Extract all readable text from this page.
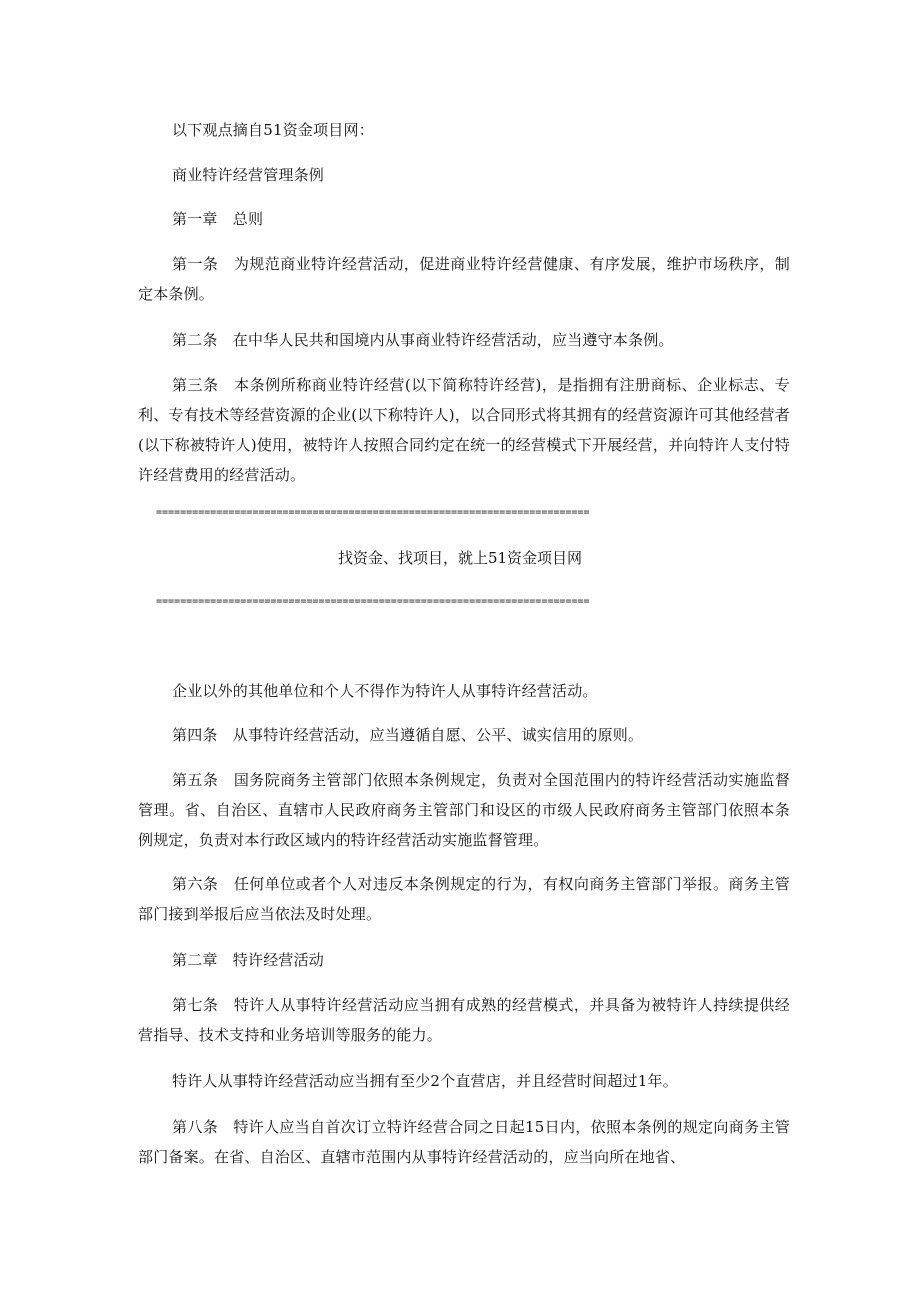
以下观点摘自51资金项目网：

商业特许经营管理条例

第一章　总则

第一条　为规范商业特许经营活动，促进商业特许经营健康、有序发展，维护市场秩序，制定本条例。

第二条　在中华人民共和国境内从事商业特许经营活动，应当遵守本条例。

第三条　本条例所称商业特许经营(以下简称特许经营)，是指拥有注册商标、企业标志、专利、专有技术等经营资源的企业(以下称特许人)，以合同形式将其拥有的经营资源许可其他经营者(以下称被特许人)使用，被特许人按照合同约定在统一的经营模式下开展经营，并向特许人支付特许经营费用的经营活动。

========================================================================

找资金、找项目，就上51资金项目网

========================================================================

企业以外的其他单位和个人不得作为特许人从事特许经营活动。

第四条　从事特许经营活动，应当遵循自愿、公平、诚实信用的原则。

第五条　国务院商务主管部门依照本条例规定，负责对全国范围内的特许经营活动实施监督管理。省、自治区、直辖市人民政府商务主管部门和设区的市级人民政府商务主管部门依照本条例规定，负责对本行政区域内的特许经营活动实施监督管理。

第六条　任何单位或者个人对违反本条例规定的行为，有权向商务主管部门举报。商务主管部门接到举报后应当依法及时处理。

第二章　特许经营活动

第七条　特许人从事特许经营活动应当拥有成熟的经营模式，并具备为被特许人持续提供经营指导、技术支持和业务培训等服务的能力。

特许人从事特许经营活动应当拥有至少2个直营店，并且经营时间超过1年。

第八条　特许人应当自首次订立特许经营合同之日起15日内，依照本条例的规定向商务主管部门备案。在省、自治区、直辖市范围内从事特许经营活动的，应当向所在地省、
